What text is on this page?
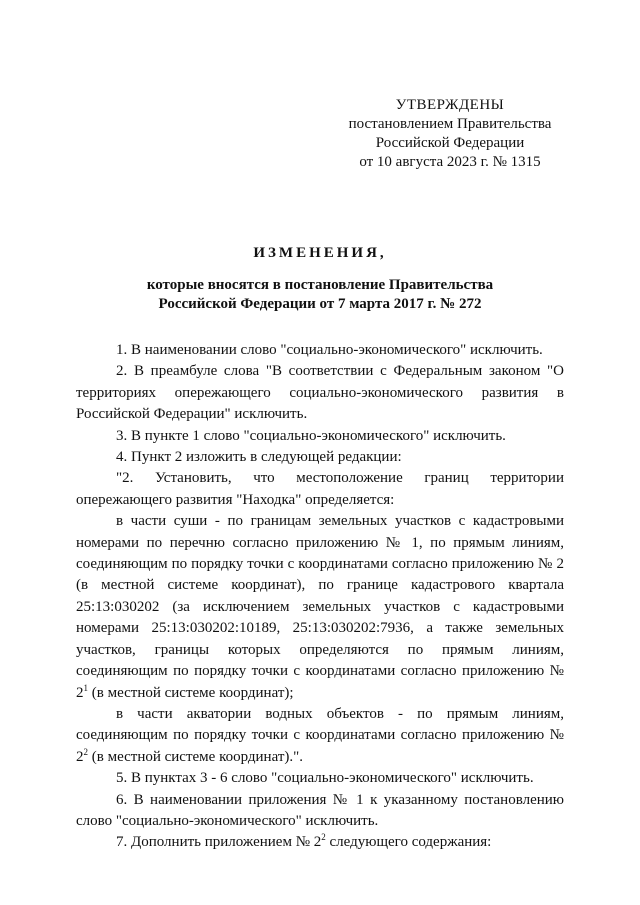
УТВЕРЖДЕНЫ
постановлением Правительства
Российской Федерации
от 10 августа 2023 г. № 1315
ИЗМЕНЕНИЯ,
которые вносятся в постановление Правительства
Российской Федерации от 7 марта 2017 г. № 272

1. В наименовании слово "социально-экономического" исключить.

2. В преамбуле слова "В соответствии с Федеральным законом "О территориях опережающего социально-экономического развития в Российской Федерации" исключить.

3. В пункте 1 слово "социально-экономического" исключить.

4. Пункт 2 изложить в следующей редакции:

"2. Установить, что местоположение границ территории опережающего развития "Находка" определяется:

в части суши - по границам земельных участков с кадастровыми номерами по перечню согласно приложению № 1, по прямым линиям, соединяющим по порядку точки с координатами согласно приложению № 2 (в местной системе координат), по границе кадастрового квартала 25:13:030202 (за исключением земельных участков с кадастровыми номерами 25:13:030202:10189, 25:13:030202:7936, а также земельных участков, границы которых определяются по прямым линиям, соединяющим по порядку точки с координатами согласно приложению № $2^1$ (в местной системе координат);

в части акватории водных объектов - по прямым линиям, соединяющим по порядку точки с координатами согласно приложению № $2^2$ (в местной системе координат).".

5. В пунктах 3 - 6 слово "социально-экономического" исключить.

6. В наименовании приложения № 1 к указанному постановлению слово "социально-экономического" исключить.

7. Дополнить приложением № $2^2$ следующего содержания:
